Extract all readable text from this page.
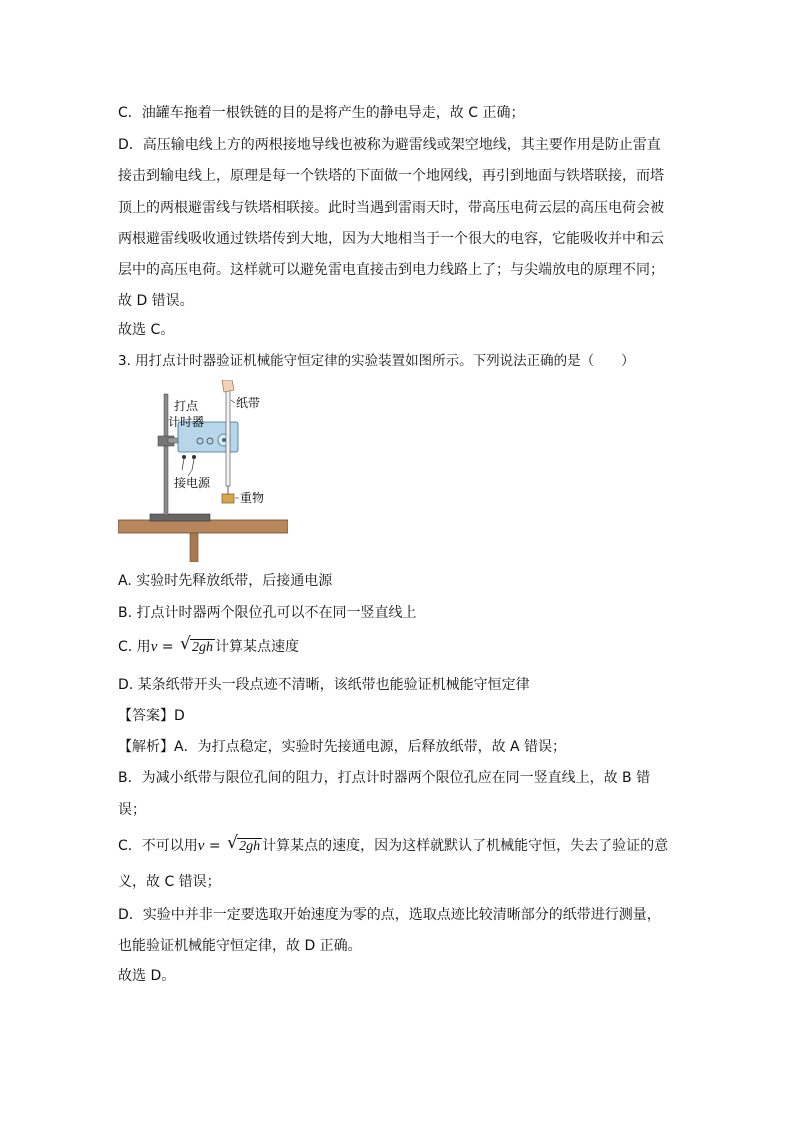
C．油罐车拖着一根铁链的目的是将产生的静电导走，故 C 正确；
D．高压输电线上方的两根接地导线也被称为避雷线或架空地线，其主要作用是防止雷直
接击到输电线上，原理是每一个铁塔的下面做一个地网线，再引到地面与铁塔联接，而塔
顶上的两根避雷线与铁塔相联接。此时当遇到雷雨天时，带高压电荷云层的高压电荷会被
两根避雷线吸收通过铁塔传到大地，因为大地相当于一个很大的电容，它能吸收并中和云
层中的高压电荷。这样就可以避免雷电直接击到电力线路上了；与尖端放电的原理不同；
故 D 错误。
故选 C。
3. 用打点计时器验证机械能守恒定律的实验装置如图所示。下列说法正确的是（　　）
打点
计时器
纸带
接电源
重物
A. 实验时先释放纸带，后接通电源
B. 打点计时器两个限位孔可以不在同一竖直线上
C. 用v = √ 2gh 计算某点速度
D. 某条纸带开头一段点迹不清晰，该纸带也能验证机械能守恒定律
【答案】D
【解析】A．为打点稳定，实验时先接通电源，后释放纸带，故 A 错误；
B．为减小纸带与限位孔间的阻力，打点计时器两个限位孔应在同一竖直线上，故 B 错
误；
C．不可以用v = √ 2gh 计算某点的速度，因为这样就默认了机械能守恒，失去了验证的意
义，故 C 错误；
D．实验中并非一定要选取开始速度为零的点，选取点迹比较清晰部分的纸带进行测量，
也能验证机械能守恒定律，故 D 正确。
故选 D。
